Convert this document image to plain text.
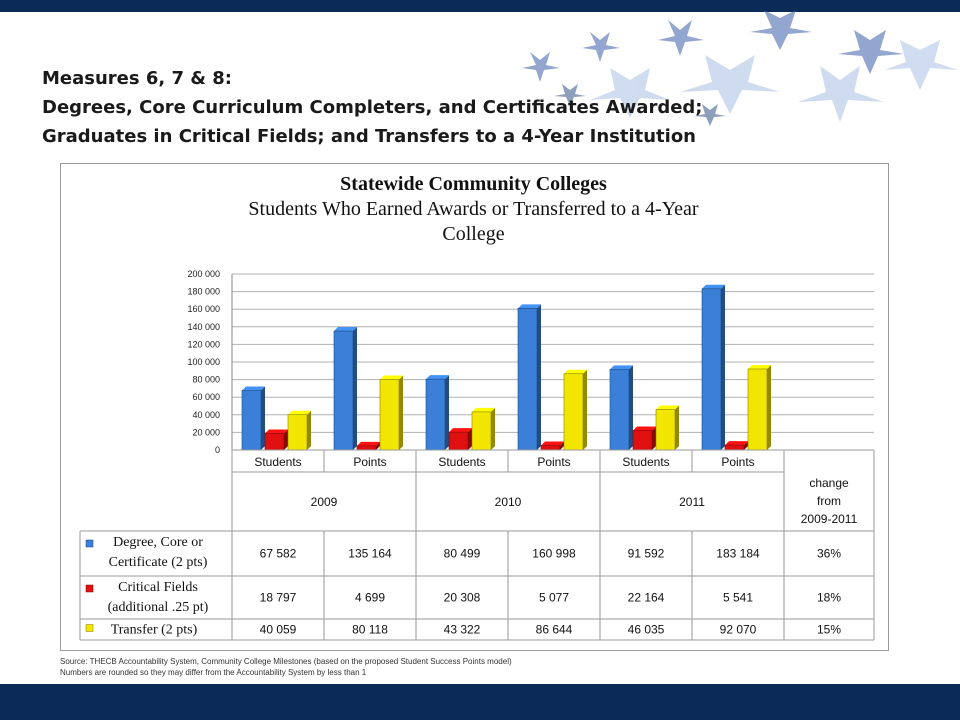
Measures 6, 7 & 8:
Degrees, Core Curriculum Completers, and Certificates Awarded;
Graduates in Critical Fields; and Transfers to a 4-Year Institution
Statewide Community Colleges
Students Who Earned Awards or Transferred to a 4-Year
College
200 000
180 000
160 000
140 000
120 000
100 000
80 000
60 000
40 000
20 000
0
Students	Points	Students	Points	Students	Points
2009	2010	2011
change
from
2009-2011
Degree, Core or
Certificate (2 pts)
67 582	135 164	80 499	160 998	91 592	183 184	36%
Critical Fields
(additional .25 pt)
18 797	4 699	20 308	5 077	22 164	5 541	18%
Transfer (2 pts)	40 059	80 118	43 322	86 644	46 035	92 070	15%
Source: THECB Accountability System, Community College Milestones (based on the proposed Student Success Points model)
Numbers are rounded so they may differ from the Accountability System by less than 1
